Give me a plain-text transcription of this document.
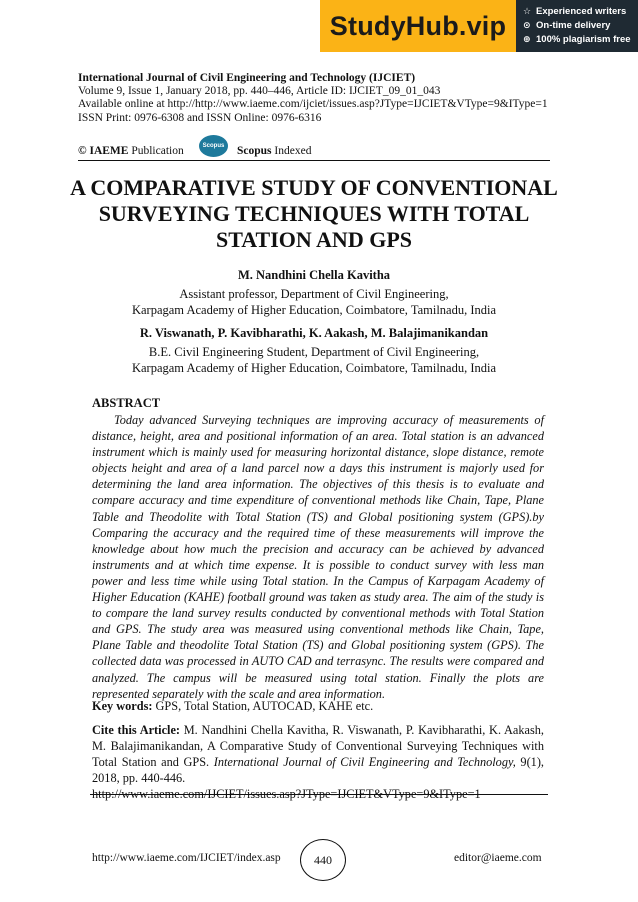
StudyHub.vip	☆ Experienced writers
⊙ On-time delivery
⊕ 100% plagiarism free
International Journal of Civil Engineering and Technology (IJCIET)
Volume 9, Issue 1, January 2018, pp. 440–446, Article ID: IJCIET_09_01_043
Available online at http://http://www.iaeme.com/ijciet/issues.asp?JType=IJCIET&VType=9&IType=1
ISSN Print: 0976-6308 and ISSN Online: 0976-6316
© IAEME Publication	Scopus	Scopus Indexed
A COMPARATIVE STUDY OF CONVENTIONAL SURVEYING TECHNIQUES WITH TOTAL STATION AND GPS
M. Nandhini Chella Kavitha
Assistant professor, Department of Civil Engineering,
Karpagam Academy of Higher Education, Coimbatore, Tamilnadu, India
R. Viswanath, P. Kavibharathi, K. Aakash, M. Balajimanikandan
B.E. Civil Engineering Student, Department of Civil Engineering,
Karpagam Academy of Higher Education, Coimbatore, Tamilnadu, India
ABSTRACT
Today advanced Surveying techniques are improving accuracy of measurements of distance, height, area and positional information of an area. Total station is an advanced instrument which is mainly used for measuring horizontal distance, slope distance, remote objects height and area of a land parcel now a days this instrument is majorly used for determining the land area information. The objectives of this thesis is to evaluate and compare accuracy and time expenditure of conventional methods like Chain, Tape, Plane Table and Theodolite with Total Station (TS) and Global positioning system (GPS).by Comparing the accuracy and the required time of these measurements will improve the knowledge about how much the precision and accuracy can be achieved by advanced instruments and at which time expense. It is possible to conduct survey with less man power and less time while using Total station. In the Campus of Karpagam Academy of Higher Education (KAHE) football ground was taken as study area. The aim of the study is to compare the land survey results conducted by conventional methods with Total Station and GPS. The study area was measured using conventional methods like Chain, Tape, Plane Table and theodolite Total Station (TS) and Global positioning system (GPS). The collected data was processed in AUTO CAD and terrasync. The results were compared and analyzed. The campus will be measured using total station. Finally the plots are represented separately with the scale and area information.
Key words: GPS, Total Station, AUTOCAD, KAHE etc.
Cite this Article: M. Nandhini Chella Kavitha, R. Viswanath, P. Kavibharathi, K. Aakash, M. Balajimanikandan, A Comparative Study of Conventional Surveying Techniques with Total Station and GPS. International Journal of Civil Engineering and Technology, 9(1), 2018, pp. 440-446.
http://www.iaeme.com/IJCIET/issues.asp?JType=IJCIET&VType=9&IType=1
http://www.iaeme.com/IJCIET/index.asp	440	editor@iaeme.com
